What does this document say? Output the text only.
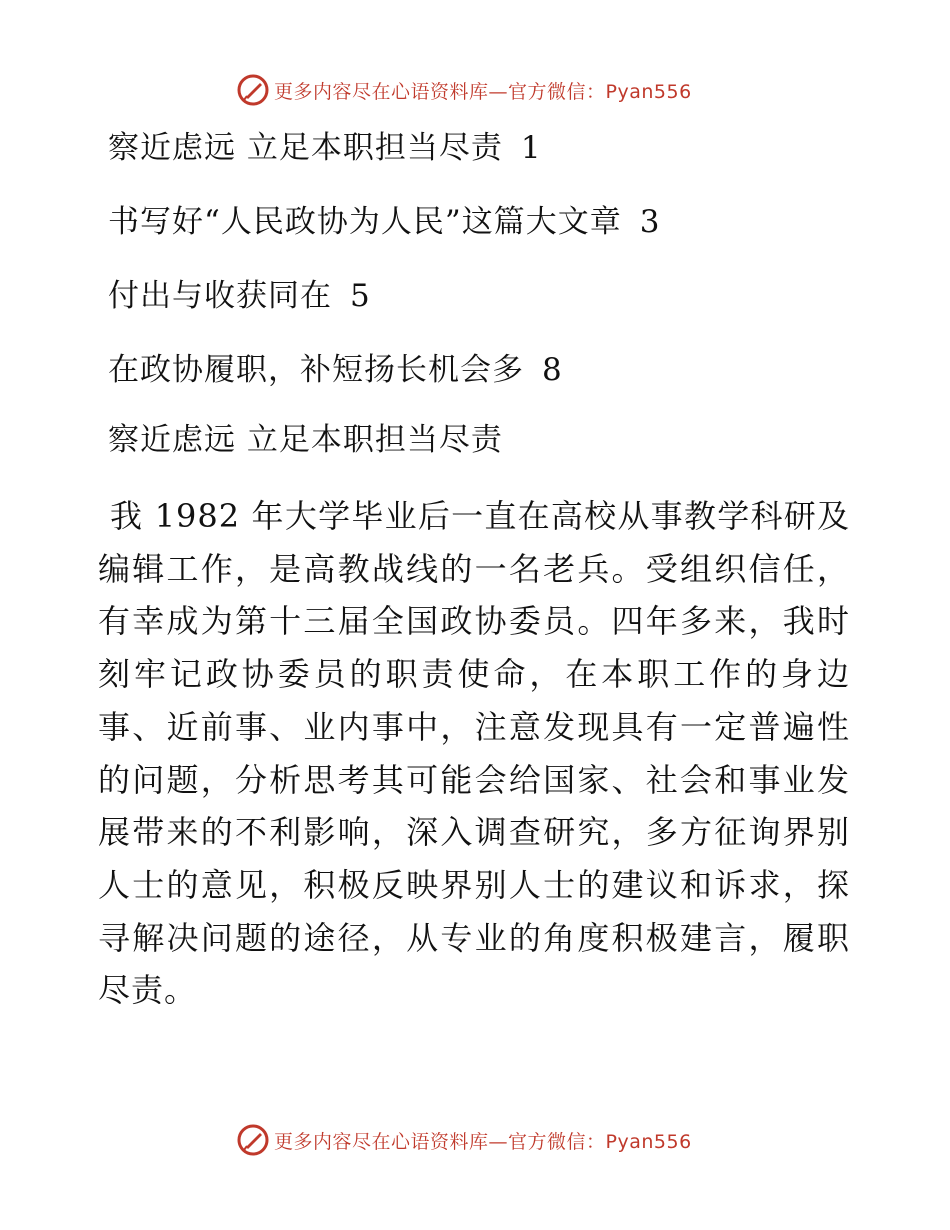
更多内容尽在心语资料库— 官方微信：Pyan556
察近虑远 立足本职担当尽责 1
书写好“人民政协为人民”这篇大文章 3
付出与收获同在 5
在政协履职，补短扬长机会多 8
察近虑远 立足本职担当尽责

我 1982 年大学毕业后一直在高校从事教学科研及编辑工作，是高教战线的一名老兵。受组织信任，有幸成为第十三届全国政协委员。四年多来，我时刻牢记政协委员的职责使命，在本职工作的身边事、近前事、业内事中，注意发现具有一定普遍性的问题，分析思考其可能会给国家、社会和事业发展带来的不利影响，深入调查研究，多方征询界别人士的意见，积极反映界别人士的建议和诉求，探寻解决问题的途径，从专业的角度积极建言，履职尽责。

更多内容尽在心语资料库— 官方微信：Pyan556
